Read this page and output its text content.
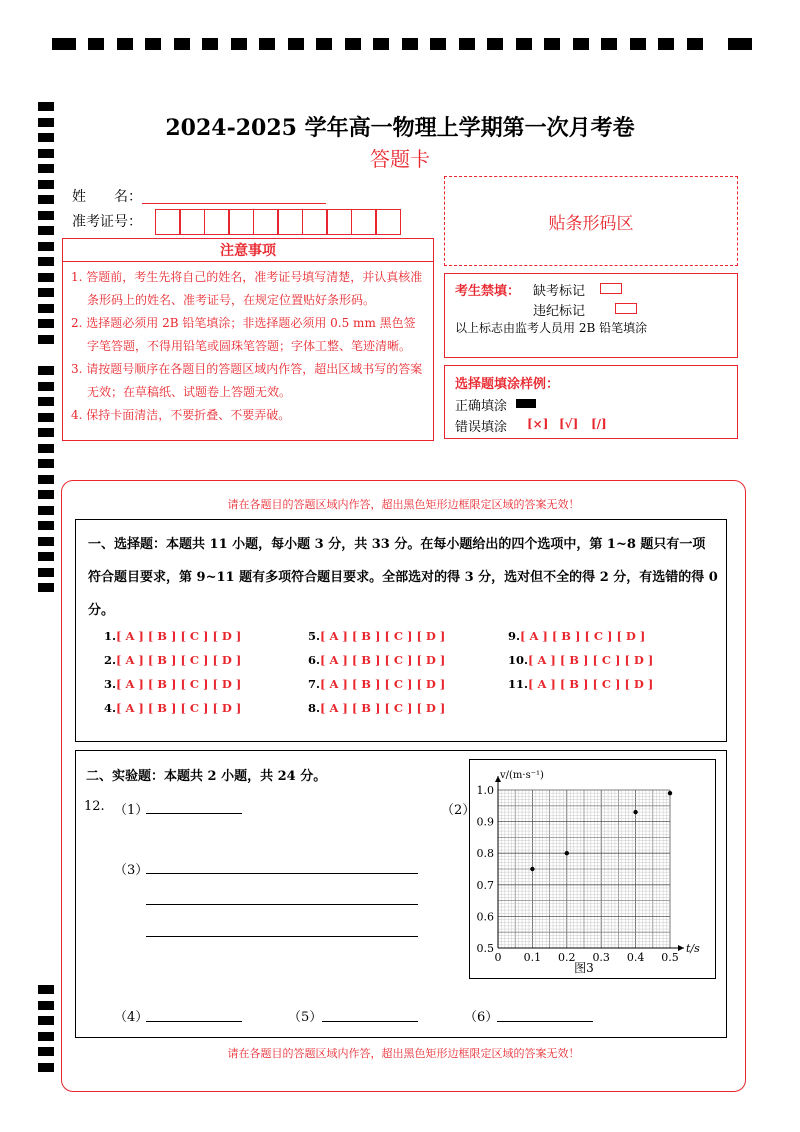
2024-2025 学年高一物理上学期第一次月考卷
答题卡
姓　　名：
准考证号：
注意事项

1. 答题前，考生先将自己的姓名，准考证号填写清楚，并认真核准条形码上的姓名、准考证号，在规定位置贴好条形码。

2. 选择题必须用 2B 铅笔填涂；非选择题必须用 0.5 mm 黑色签字笔答题，不得用铅笔或圆珠笔答题；字体工整、笔迹清晰。

3. 请按题号顺序在各题目的答题区域内作答，超出区域书写的答案无效；在草稿纸、试题卷上答题无效。

4. 保持卡面清洁，不要折叠、不要弄破。

贴条形码区
考生禁填： 缺考标记
违纪标记
以上标志由监考人员用 2B 铅笔填涂
选择题填涂样例：
正确填涂
错误填涂 [×] [√] [/]
请在各题目的答题区域内作答，超出黑色矩形边框限定区域的答案无效！
请在各题目的答题区域内作答，超出黑色矩形边框限定区域的答案无效！
一、选择题：本题共 11 小题，每小题 3 分，共 33 分。在每小题给出的四个选项中，第 1~8 题只有一项符合题目要求，第 9~11 题有多项符合题目要求。全部选对的得 3 分，选对但不全的得 2 分，有选错的得 0 分。
1.[ A ] [ B ] [ C ] [ D ]
2.[ A ] [ B ] [ C ] [ D ]
3.[ A ] [ B ] [ C ] [ D ]
4.[ A ] [ B ] [ C ] [ D ]
5.[ A ] [ B ] [ C ] [ D ]
6.[ A ] [ B ] [ C ] [ D ]
7.[ A ] [ B ] [ C ] [ D ]
8.[ A ] [ B ] [ C ] [ D ]
9.[ A ] [ B ] [ C ] [ D ]
10.[ A ] [ B ] [ C ] [ D ]
11.[ A ] [ B ] [ C ] [ D ]
二、实验题：本题共 2 小题，共 24 分。
12. （1）	（2）
（3）
（4）	（5）	（6）
0 0.1 0.2 0.3 0.4 0.5
0.5
0.6
0.7
0.8
0.9
1.0
t/s
v/(m·s⁻¹)
图3
